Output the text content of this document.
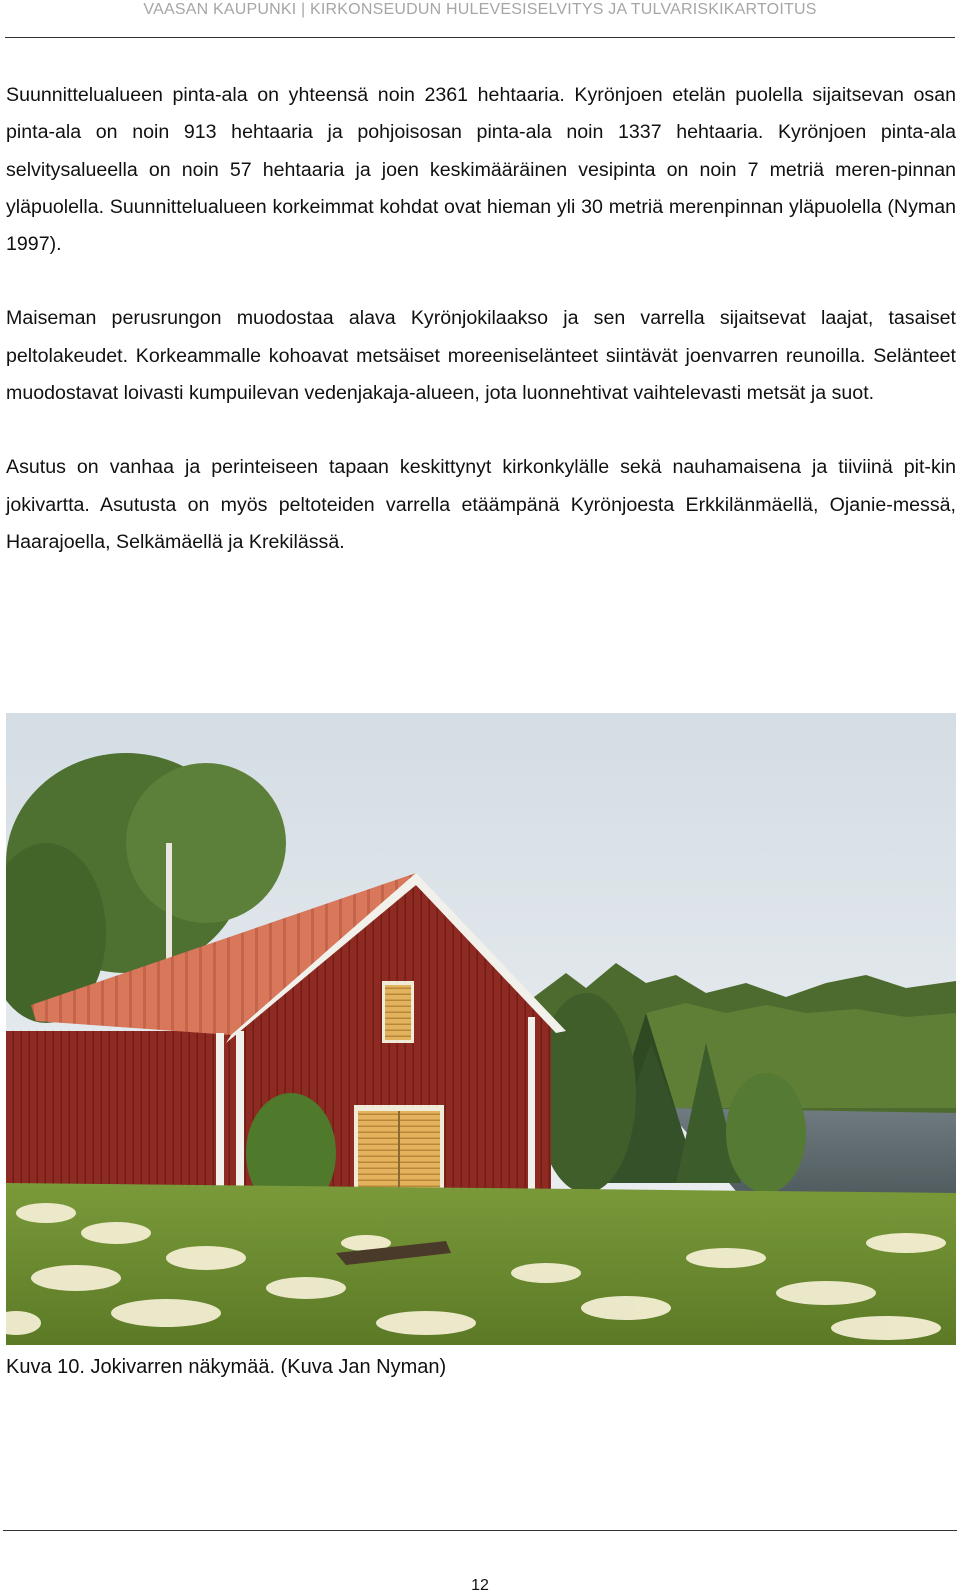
VAASAN KAUPUNKI | KIRKONSEUDUN HULEVESISELVITYS JA TULVARISKIKARTOITUS

Suunnittelualueen pinta-ala on yhteensä noin 2361 hehtaaria. Kyrönjoen etelän puolella sijaitsevan osan pinta-ala on noin 913 hehtaaria ja pohjoisosan pinta-ala noin 1337 hehtaaria. Kyrönjoen pinta-ala selvitysalueella on noin 57 hehtaaria ja joen keskimääräinen vesipinta on noin 7 metriä meren-pinnan yläpuolella. Suunnittelualueen korkeimmat kohdat ovat hieman yli 30 metriä merenpinnan yläpuolella (Nyman 1997).

Maiseman perusrungon muodostaa alava Kyrönjokilaakso ja sen varrella sijaitsevat laajat, tasaiset peltolakeudet. Korkeammalle kohoavat metsäiset moreeniselänteet siintävät joenvarren reunoilla. Selänteet muodostavat loivasti kumpuilevan vedenjakaja-alueen, jota luonnehtivat vaihtelevasti metsät ja suot.

Asutus on vanhaa ja perinteiseen tapaan keskittynyt kirkonkylälle sekä nauhamaisena ja tiiviinä pit-kin jokivartta. Asutusta on myös peltoteiden varrella etäämpänä Kyrönjoesta Erkkilänmäellä, Ojanie-messä, Haarajoella, Selkämäellä ja Krekilässä.

Kuva 10. Jokivarren näkymää. (Kuva Jan Nyman)
12
